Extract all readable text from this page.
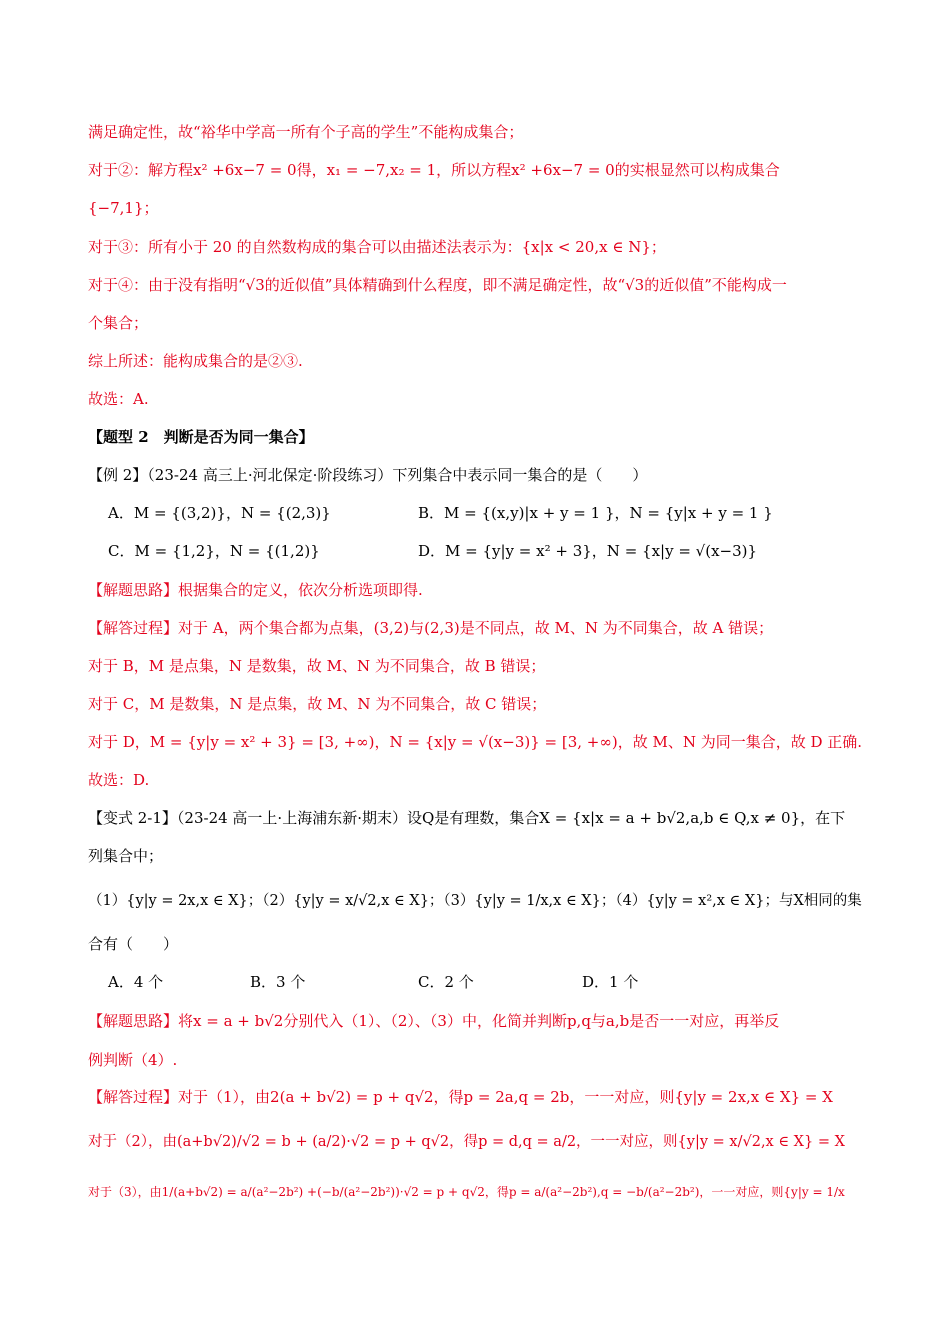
满足确定性，故“裕华中学高一所有个子高的学生”不能构成集合；
对于②：解方程x² +6x−7 = 0得，x₁ = −7,x₂ = 1，所以方程x² +6x−7 = 0的实根显然可以构成集合
{−7,1}；
对于③：所有小于 20 的自然数构成的集合可以由描述法表示为：{x|x < 20,x ∈ N}；
对于④：由于没有指明“√3的近似值”具体精确到什么程度，即不满足确定性，故“√3的近似值”不能构成一
个集合；
综上所述：能构成集合的是②③.
故选：A.
【题型 2　判断是否为同一集合】
【例 2】（23-24 高三上·河北保定·阶段练习）下列集合中表示同一集合的是（　　）
A．M = {(3,2)}，N = {(2,3)}	B．M = {(x,y)|x + y = 1 }，N = {y|x + y = 1 }
C．M = {1,2}，N = {(1,2)}	D．M = {y|y = x² + 3}，N = {x|y = √(x−3)}
【解题思路】根据集合的定义，依次分析选项即得.
【解答过程】对于 A，两个集合都为点集，(3,2)与(2,3)是不同点，故 M、N 为不同集合，故 A 错误；
对于 B，M 是点集，N 是数集，故 M、N 为不同集合，故 B 错误；
对于 C，M 是数集，N 是点集，故 M、N 为不同集合，故 C 错误；
对于 D，M = {y|y = x² + 3} = [3, +∞)，N = {x|y = √(x−3)} = [3, +∞)，故 M、N 为同一集合，故 D 正确.
故选：D.
【变式 2-1】（23-24 高一上·上海浦东新·期末）设Q是有理数，集合X = {x|x = a + b√2,a,b ∈ Q,x ≠ 0}，在下
列集合中；
（1）{y|y = 2x,x ∈ X}；（2）{y|y = x/√2,x ∈ X}；（3）{y|y = 1/x,x ∈ X}；（4）{y|y = x²,x ∈ X}；与X相同的集
合有（　　）
A．4 个	B．3 个	C．2 个	D．1 个
【解题思路】将x = a + b√2分别代入（1）、（2）、（3）中，化简并判断p,q与a,b是否一一对应，再举反
例判断（4）.
【解答过程】对于（1），由2(a + b√2) = p + q√2，得p = 2a,q = 2b，一一对应，则{y|y = 2x,x ∈ X} = X
对于（2），由(a+b√2)/√2 = b + (a/2)·√2 = p + q√2，得p = d,q = a/2，一一对应，则{y|y = x/√2,x ∈ X} = X
对于（3），由1/(a+b√2) = a/(a²−2b²) +(−b/(a²−2b²))·√2 = p + q√2，得p = a/(a²−2b²),q = −b/(a²−2b²)，一一对应，则{y|y = 1/x
